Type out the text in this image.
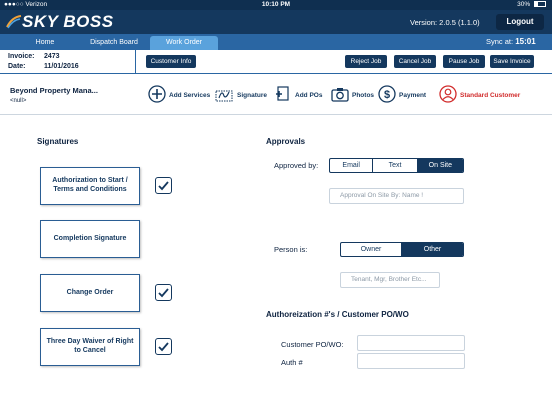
●●●○○ Verizon	10:10 PM	30%
SKY BOSS	Version: 2.0.5 (1.1.0)	Logout
Home	Dispatch Board	Work Order	Sync at: 15:01
Invoice: 2473
Date:	11/01/2016
Customer Info	Reject Job	Cancel Job	Pause Job	Save Invoice
Beyond Property Mana...
<null>
Add Services	Signature	Add POs	Photos $ Payment	Standard Customer
Signatures
Authorization to Start / Terms and Conditions
Completion Signature
Change Order
Three Day Waiver of Right to Cancel
Approvals
Approved by:	Email	Text	On Site
Approval On Site By: Name !
Person is:	Owner	Other
Tenant, Mgr, Brother Etc...
Authoreization #'s / Customer PO/WO
Customer PO/WO:
Auth #
